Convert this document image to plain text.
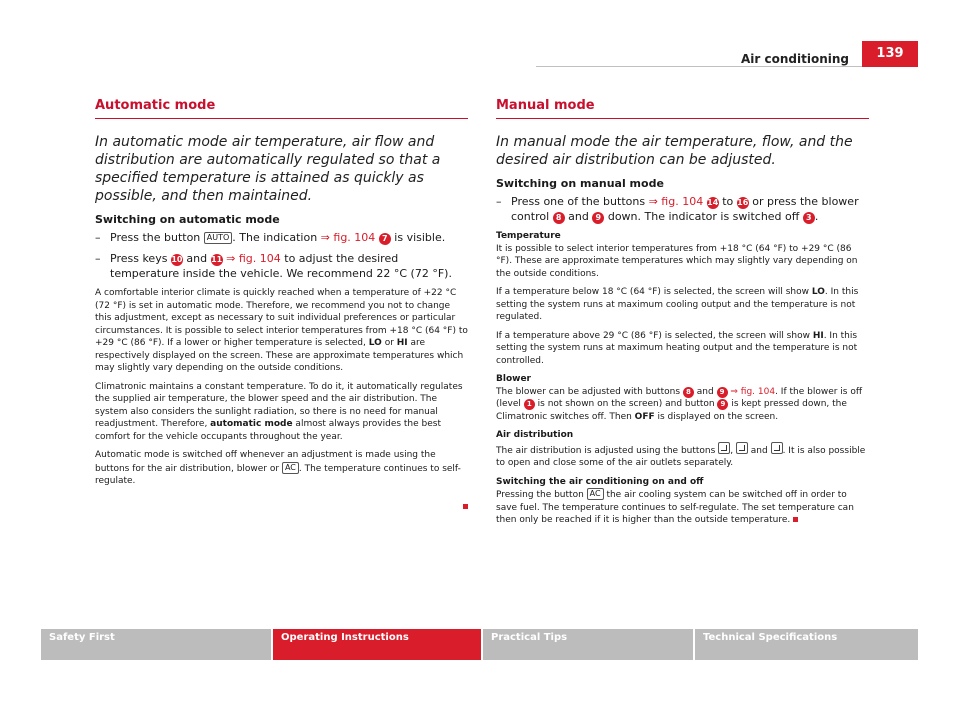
Air conditioning	139
Automatic mode

In automatic mode air temperature, air flow and distribution are automatically regulated so that a specified temperature is attained as quickly as possible, and then maintained.

Switching on automatic mode

– Press the button AUTO . The indication ⇒ fig. 104 7 is visible.

– Press keys 10 and 11 ⇒ fig. 104 to adjust the desired temperature inside the vehicle. We recommend 22 °C (72 °F).

A comfortable interior climate is quickly reached when a temperature of +22 °C (72 °F) is set in automatic mode. Therefore, we recommend you not to change this adjustment, except as necessary to suit individual preferences or particular circumstances. It is possible to select interior temperatures from +18 °C (64 °F) to +29 °C (86 °F). If a lower or higher temperature is selected, LO or HI are respectively displayed on the screen. These are approximate temperatures which may slightly vary depending on the outside conditions.

Climatronic maintains a constant temperature. To do it, it automatically regulates the supplied air temperature, the blower speed and the air distribution. The system also considers the sunlight radiation, so there is no need for manual readjustment. Therefore, automatic mode almost always provides the best comfort for the vehicle occupants throughout the year.

Automatic mode is switched off whenever an adjustment is made using the buttons for the air distribution, blower or AC . The temperature continues to self-regulate.

Manual mode

In manual mode the air temperature, flow, and the desired air distribution can be adjusted.

Switching on manual mode

– Press one of the buttons ⇒ fig. 104 14 to 16 or press the blower control 8 and 9 down. The indicator is switched off 3 .

Temperature

It is possible to select interior temperatures from +18 °C (64 °F) to +29 °C (86 °F). These are approximate temperatures which may slightly vary depending on the outside conditions.

If a temperature below 18 °C (64 °F) is selected, the screen will show LO. In this setting the system runs at maximum cooling output and the temperature is not regulated.

If a temperature above 29 °C (86 °F) is selected, the screen will show HI. In this setting the system runs at maximum heating output and the temperature is not controlled.

Blower

The blower can be adjusted with buttons 8 and 9 ⇒ fig. 104. If the blower is off (level 1 is not shown on the screen) and button 9 is kept pressed down, the Climatronic switches off. Then OFF is displayed on the screen.

Air distribution

The air distribution is adjusted using the buttons ,  and . It is also possible to open and close some of the air outlets separately.

Switching the air conditioning on and off

Pressing the button AC the air cooling system can be switched off in order to save fuel. The temperature continues to self-regulate. The set temperature can then only be reached if it is higher than the outside temperature.

Safety First	Operating Instructions	Practical Tips	Technical Specifications
